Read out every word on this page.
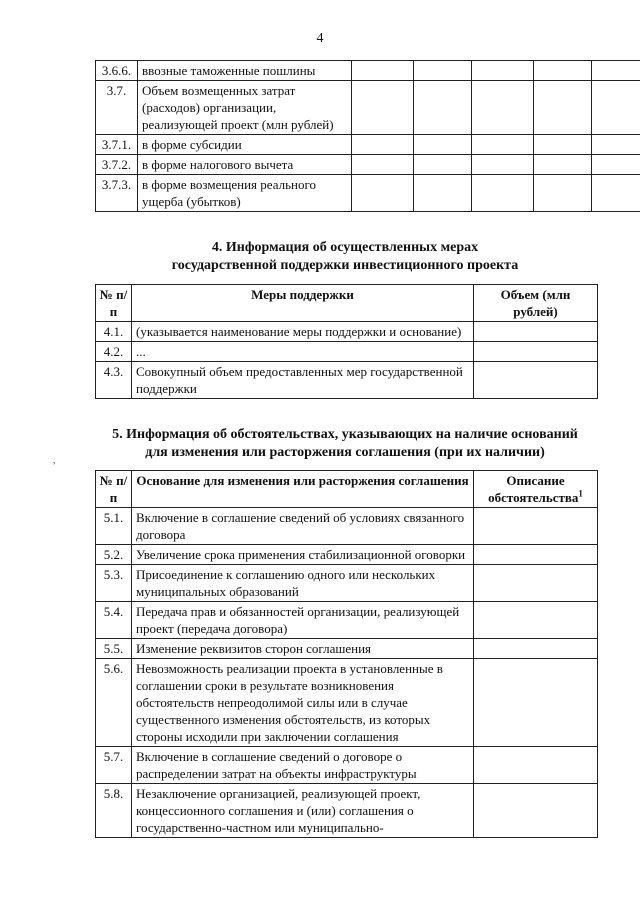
4
3.6.6.	ввозные таможенные пошлины					
3.7.	Объем возмещенных затрат (расходов) организации, реализующей проект (млн рублей)					
3.7.1.	в форме субсидии					
3.7.2.	в форме налогового вычета					
3.7.3.	в форме возмещения реального ущерба (убытков)					
4. Информация об осуществленных мерах
государственной поддержки инвестиционного проекта
№ п/п	Меры поддержки	Объем (млн рублей)
4.1.	(указывается наименование меры поддержки и основание)	
4.2.	...	
4.3.	Совокупный объем предоставленных мер государственной поддержки	
,
5. Информация об обстоятельствах, указывающих на наличие оснований
для изменения или расторжения соглашения (при их наличии)
№ п/п	Основание для изменения или расторжения соглашения	Описание обстоятельства$^1$
5.1.	Включение в соглашение сведений об условиях связанного договора	
5.2.	Увеличение срока применения стабилизационной оговорки	
5.3.	Присоединение к соглашению одного или нескольких муниципальных образований	
5.4.	Передача прав и обязанностей организации, реализующей проект (передача договора)	
5.5.	Изменение реквизитов сторон соглашения	
5.6.	Невозможность реализации проекта в установленные в соглашении сроки в результате возникновения обстоятельств непреодолимой силы или в случае существенного изменения обстоятельств, из которых стороны исходили при заключении соглашения	
5.7.	Включение в соглашение сведений о договоре о распределении затрат на объекты инфраструктуры	
5.8.	Незаключение организацией, реализующей проект, концессионного соглашения и (или) соглашения о государственно-частном или муниципально-	
